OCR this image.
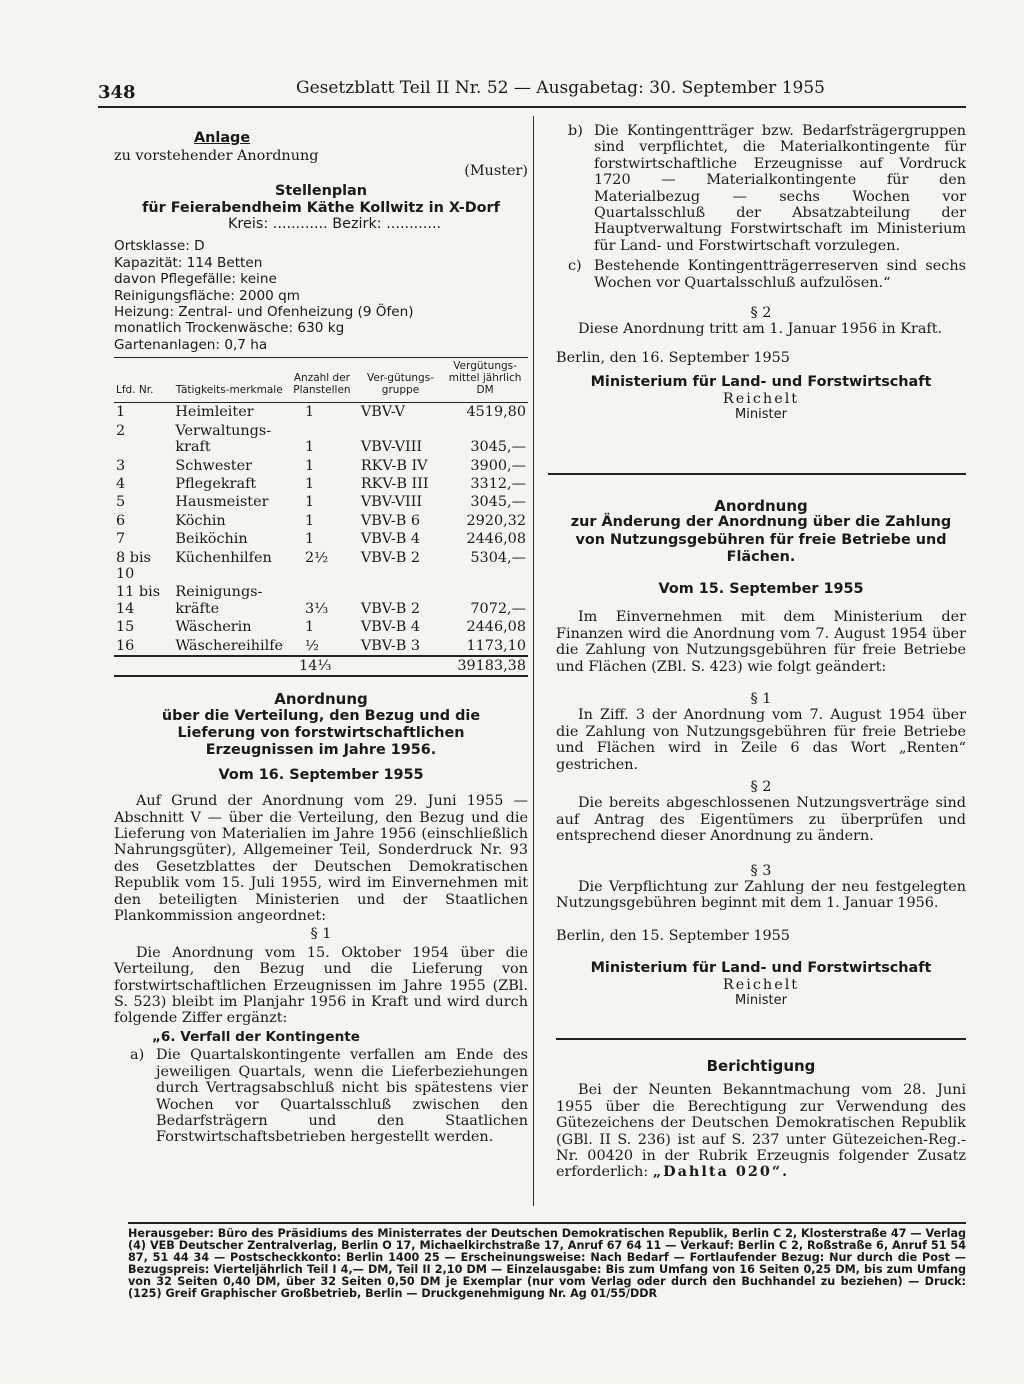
348	Gesetzblatt Teil II Nr. 52 — Ausgabetag: 30. September 1955

Anlage

zu vorstehender Anordnung

(Muster)

Stellenplan

für Feierabendheim Käthe Kollwitz in X-Dorf

Kreis: ............ Bezirk: ............

Ortsklasse: D

Kapazität: 114 Betten

davon Pflegefälle: keine

Reinigungsfläche: 2000 qm

Heizung: Zentral- und Ofenheizung (9 Öfen)

monatlich Trockenwäsche: 630 kg

Gartenanlagen: 0,7 ha

Lfd. Nr.	Tätigkeits-merkmale	Anzahl der Planstellen	Ver-gütungs-gruppe	Vergütungs-mittel jährlich DM
1	Heimleiter	1	VBV-V	4519,80
2	Verwaltungs-kraft	1	VBV-VIII	3045,—
3	Schwester	1	RKV-B IV	3900,—
4	Pflegekraft	1	RKV-B III	3312,—
5	Hausmeister	1	VBV-VIII	3045,—
6	Köchin	1	VBV-B 6	2920,32
7	Beiköchin	1	VBV-B 4	2446,08
8 bis 10	Küchenhilfen	2½	VBV-B 2	5304,—
11 bis 14	Reinigungs-kräfte	3⅓	VBV-B 2	7072,—
15	Wäscherin	1	VBV-B 4	2446,08
16	Wäschereihilfe	½	VBV-B 3	1173,10
		14⅓		39183,38

Anordnung

über die Verteilung, den Bezug und die Lieferung von forstwirtschaftlichen Erzeugnissen im Jahre 1956.

Vom 16. September 1955

Auf Grund der Anordnung vom 29. Juni 1955 — Abschnitt V — über die Verteilung, den Bezug und die Lieferung von Materialien im Jahre 1956 (einschließlich Nahrungsgüter), Allgemeiner Teil, Sonderdruck Nr. 93 des Gesetzblattes der Deutschen Demokratischen Republik vom 15. Juli 1955, wird im Einvernehmen mit den beteiligten Ministerien und der Staatlichen Plankommission angeordnet:

§ 1

Die Anordnung vom 15. Oktober 1954 über die Verteilung, den Bezug und die Lieferung von forstwirtschaftlichen Erzeugnissen im Jahre 1955 (ZBl. S. 523) bleibt im Planjahr 1956 in Kraft und wird durch folgende Ziffer ergänzt:

„6. Verfall der Kontingente

a) Die Quartalskontingente verfallen am Ende des jeweiligen Quartals, wenn die Lieferbeziehungen durch Vertragsabschluß nicht bis spätestens vier Wochen vor Quartalsschluß zwischen den Bedarfsträgern und den Staatlichen Forstwirtschaftsbetrieben hergestellt werden.
b) Die Kontingentträger bzw. Bedarfsträgergruppen sind verpflichtet, die Materialkontingente für forstwirtschaftliche Erzeugnisse auf Vordruck 1720 — Materialkontingente für den Materialbezug — sechs Wochen vor Quartalsschluß der Absatzabteilung der Hauptverwaltung Forstwirtschaft im Ministerium für Land- und Forstwirtschaft vorzulegen.
c) Bestehende Kontingentträgerreserven sind sechs Wochen vor Quartalsschluß aufzulösen.“

§ 2

Diese Anordnung tritt am 1. Januar 1956 in Kraft.

Berlin, den 16. September 1955

Ministerium für Land- und Forstwirtschaft

Reichelt

Minister

Anordnung

zur Änderung der Anordnung über die Zahlung von Nutzungsgebühren für freie Betriebe und Flächen.

Vom 15. September 1955

Im Einvernehmen mit dem Ministerium der Finanzen wird die Anordnung vom 7. August 1954 über die Zahlung von Nutzungsgebühren für freie Betriebe und Flächen (ZBl. S. 423) wie folgt geändert:

§ 1

In Ziff. 3 der Anordnung vom 7. August 1954 über die Zahlung von Nutzungsgebühren für freie Betriebe und Flächen wird in Zeile 6 das Wort „Renten“ gestrichen.

§ 2

Die bereits abgeschlossenen Nutzungsverträge sind auf Antrag des Eigentümers zu überprüfen und entsprechend dieser Anordnung zu ändern.

§ 3

Die Verpflichtung zur Zahlung der neu festgelegten Nutzungsgebühren beginnt mit dem 1. Januar 1956.

Berlin, den 15. September 1955

Ministerium für Land- und Forstwirtschaft

Reichelt

Minister

Berichtigung

Bei der Neunten Bekanntmachung vom 28. Juni 1955 über die Berechtigung zur Verwendung des Gütezeichens der Deutschen Demokratischen Republik (GBl. II S. 236) ist auf S. 237 unter Gütezeichen-Reg.-Nr. 00420 in der Rubrik Erzeugnis folgender Zusatz erforderlich: „Dahlta 020“.

Herausgeber: Büro des Präsidiums des Ministerrates der Deutschen Demokratischen Republik, Berlin C 2, Klosterstraße 47 — Verlag (4) VEB Deutscher Zentralverlag, Berlin O 17, Michaelkirchstraße 17, Anruf 67 64 11 — Verkauf: Berlin C 2, Roßstraße 6, Anruf 51 54 87, 51 44 34 — Postscheckkonto: Berlin 1400 25 — Erscheinungsweise: Nach Bedarf — Fortlaufender Bezug: Nur durch die Post — Bezugspreis: Vierteljährlich Teil I 4,— DM, Teil II 2,10 DM — Einzelausgabe: Bis zum Umfang von 16 Seiten 0,25 DM, bis zum Umfang von 32 Seiten 0,40 DM, über 32 Seiten 0,50 DM je Exemplar (nur vom Verlag oder durch den Buchhandel zu beziehen) — Druck: (125) Greif Graphischer Großbetrieb, Berlin — Druckgenehmigung Nr. Ag 01/55/DDR
